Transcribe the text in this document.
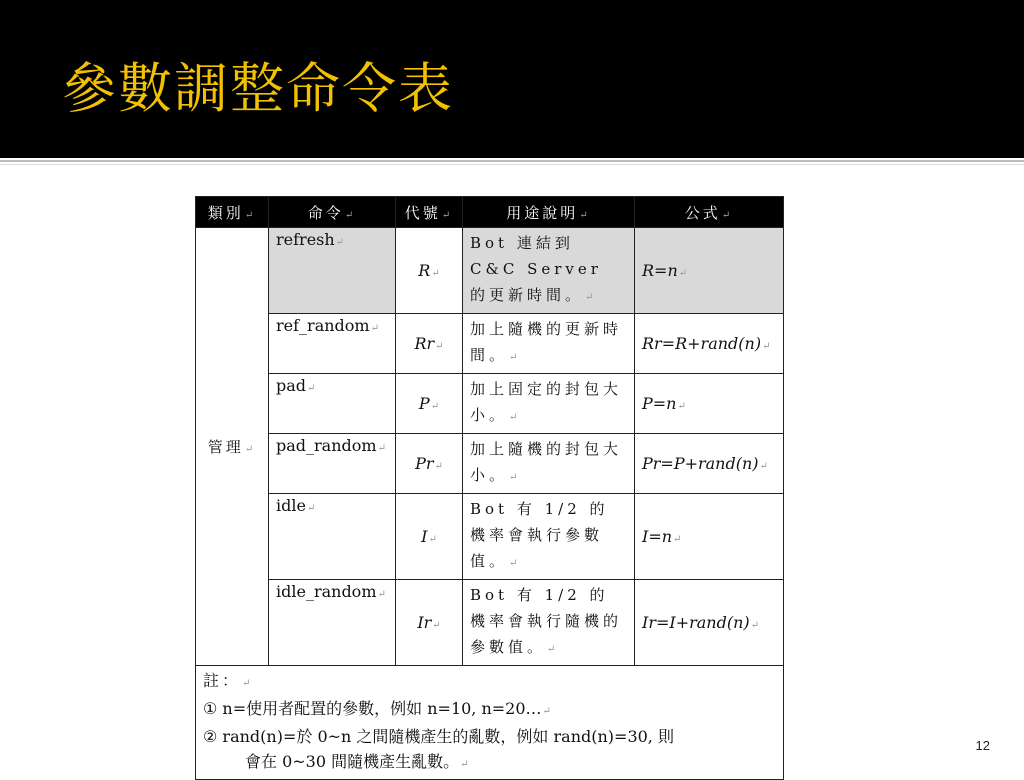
參數調整命令表
類別↵	命令↵	代號↵	用途說明↵	公式↵
管理↵	refresh↵	R↵	Bot 連結到 C&C Server 的更新時間。↵	R=n↵
	ref_random↵	Rr↵	加上隨機的更新時間。↵	Rr=R+rand(n)↵
	pad↵	P↵	加上固定的封包大小。↵	P=n↵
	pad_random↵	Pr↵	加上隨機的封包大小。↵	Pr=P+rand(n)↵
	idle↵	I↵	Bot 有 1/2 的機率會執行參數值。↵	I=n↵
	idle_random↵	Ir↵	Bot 有 1/2 的機率會執行隨機的參數值。↵	Ir=I+rand(n)↵

註：↵
① n=使用者配置的參數，例如 n=10, n=20…↵
② rand(n)=於 0~n 之間隨機產生的亂數，例如 rand(n)=30, 則
會在 0~30 間隨機產生亂數。↵				
12
